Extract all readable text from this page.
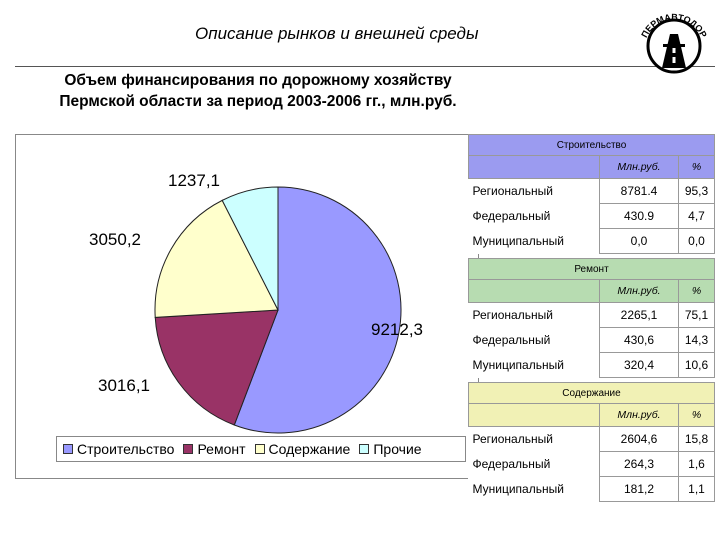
Описание рынков и внешней среды	ПЕРМАВТОДОР
Объем финансирования по дорожному хозяйству
Пермской области за период 2003-2006 гг., млн.руб.
9212,3
3016,1
3050,2
1237,1
Строительство Ремонт Содержание Прочие
Строительство		
	Млн.руб.	%
Региональный	8781.4	95,3
Федеральный	430.9	4,7
Муниципальный	0,0	0,0
Ремонт		
	Млн.руб.	%
Региональный	2265,1	75,1
Федеральный	430,6	14,3
Муниципальный	320,4	10,6
Содержание		
	Млн.руб.	%
Региональный	2604,6	15,8
Федеральный	264,3	1,6
Муниципальный	181,2	1,1
